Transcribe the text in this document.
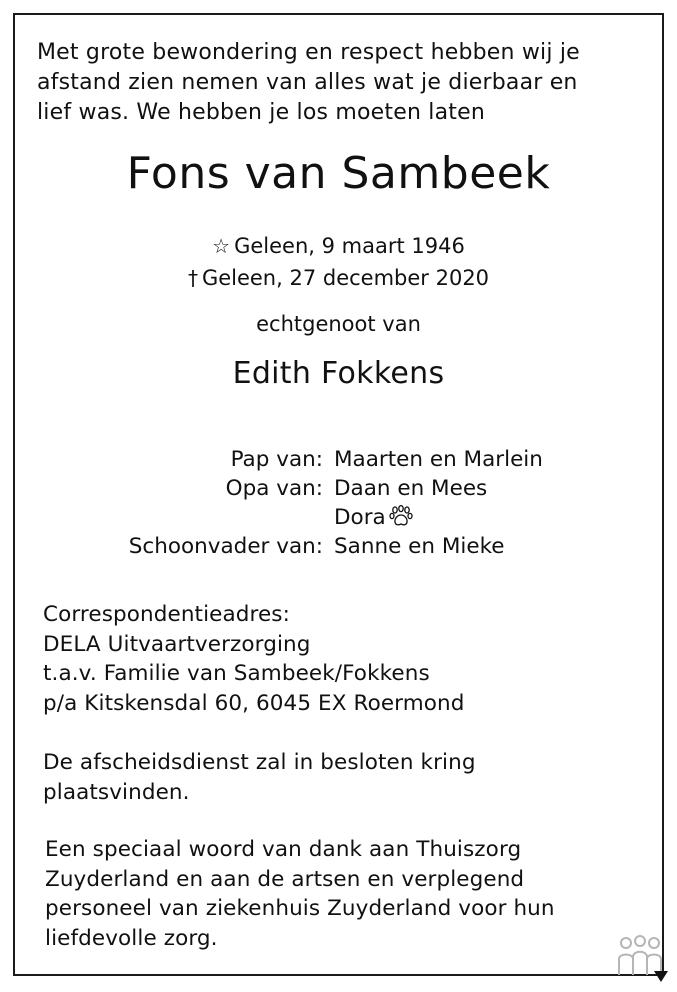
Met grote bewondering en respect hebben wij je

afstand zien nemen van alles wat je dierbaar en

lief was. We hebben je los moeten laten

Fons van Sambeek
☆ Geleen, 9 maart 1946
† Geleen, 27 december 2020
echtgenoot van
Edith Fokkens
Pap van: Maarten en Marlein
Opa van: Daan en Mees
Dora
Schoonvader van: Sanne en Mieke

Correspondentieadres:

DELA Uitvaartverzorging

t.a.v. Familie van Sambeek/Fokkens

p/a Kitskensdal 60, 6045 EX Roermond

De afscheidsdienst zal in besloten kring

plaatsvinden.

Een speciaal woord van dank aan Thuiszorg

Zuyderland en aan de artsen en verplegend

personeel van ziekenhuis Zuyderland voor hun

liefdevolle zorg.
